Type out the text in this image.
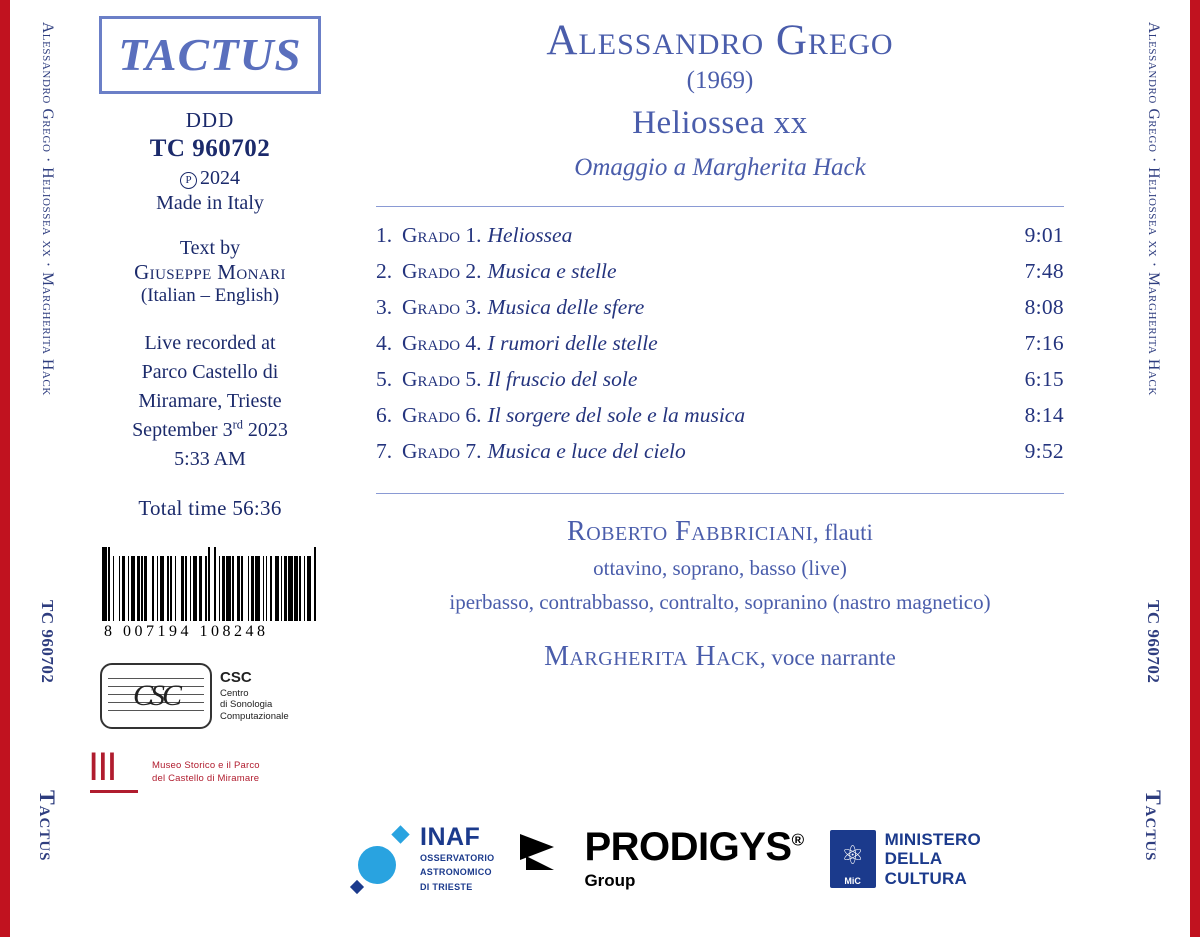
Alessandro Grego · Heliossea xx · Margherita Hack
TC 960702
Tactus
Alessandro Grego · Heliossea xx · Margherita Hack
TC 960702
Tactus
TACTUS
DDD
TC 960702
P 2024
Made in Italy
Text by
Giuseppe Monari
(Italian – English)
Live recorded at
Parco Castello di
Miramare, Trieste
September 3rd 2023
5:33 AM
Total time 56:36
8 007194 108248
CSC
CSC
Centro
di Sonologia
Computazionale
ⅠⅠⅠ	Museo Storico e il Parco
del Castello di Miramare
Alessandro Grego
(1969)
Heliossea xx
Omaggio a Margherita Hack
1. Grado 1. Heliossea	9:01
2. Grado 2. Musica e stelle	7:48
3. Grado 3. Musica delle sfere	8:08
4. Grado 4. I rumori delle stelle	7:16
5. Grado 5. Il fruscio del sole	6:15
6. Grado 6. Il sorgere del sole e la musica	8:14
7. Grado 7. Musica e luce del cielo	9:52
Roberto Fabbriciani, flauti
ottavino, soprano, basso (live)
iperbasso, contrabbasso, contralto, sopranino (nastro magnetico)
Margherita Hack, voce narrante
INAF
OSSERVATORIO
ASTRONOMICO
DI TRIESTE
PRODIGYS®
Group
⚛
MiC
MINISTERO
DELLA
CULTURA
